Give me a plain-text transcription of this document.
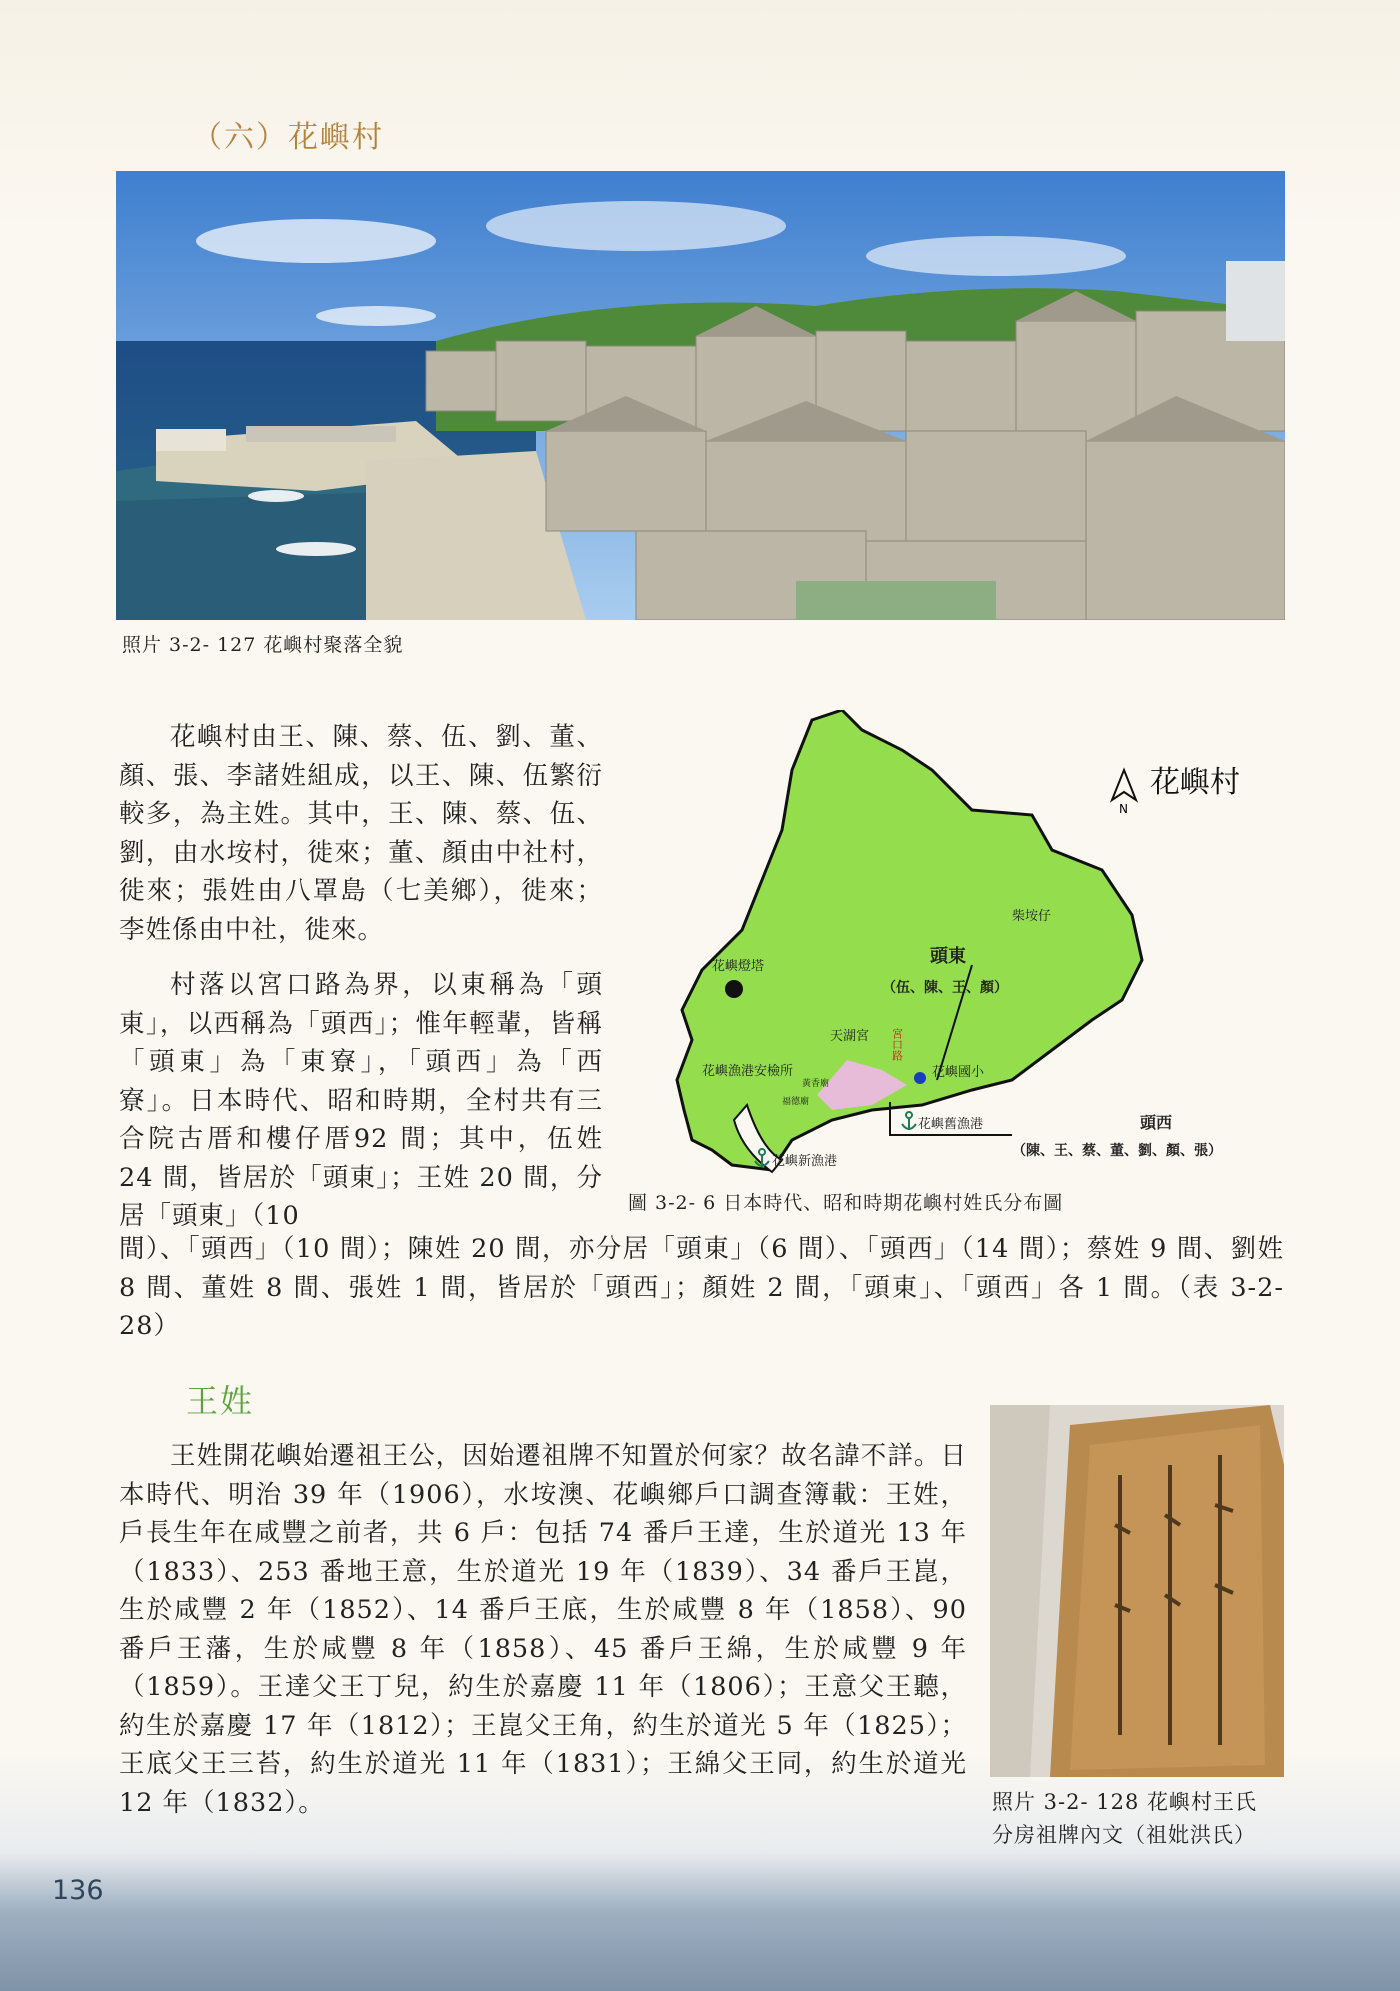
（六）花嶼村
照片 3-2- 127 花嶼村聚落全貌

花嶼村由王、陳、蔡、伍、劉、董、顏、張、李諸姓組成，以王、陳、伍繁衍較多，為主姓。其中，王、陳、蔡、伍、劉，由水垵村，徙來；董、顏由中社村，徙來；張姓由八罩島（七美鄉），徙來；李姓係由中社，徙來。

村落以宮口路為界，以東稱為「頭東」，以西稱為「頭西」；惟年輕輩，皆稱「頭東」為「東寮」，「頭西」為「西寮」。日本時代、昭和時期，全村共有三合院古厝和樓仔厝92 間；其中，伍姓 24 間，皆居於「頭東」；王姓 20 間，分居「頭東」（10

間）、「頭西」（10 間）；陳姓 20 間，亦分居「頭東」（6 間）、「頭西」（14 間）；蔡姓 9 間、劉姓 8 間、董姓 8 間、張姓 1 間，皆居於「頭西」；顏姓 2 間，「頭東」、「頭西」各 1 間。（表 3-2-28）

柴垵仔
頭東
（伍、陳、王、顏）
花嶼燈塔
天湖宮 宮口路
花嶼國小
花嶼漁港安檢所
福德廟
黃香廟
花嶼舊漁港
花嶼新漁港
頭西
（陳、王、蔡、董、劉、顏、張）
N
花嶼村
圖 3-2- 6 日本時代、昭和時期花嶼村姓氏分布圖
王姓

王姓開花嶼始遷祖王公，因始遷祖牌不知置於何家？故名諱不詳。日本時代、明治 39 年（1906），水垵澳、花嶼鄉戶口調查簿載：王姓，戶長生年在咸豐之前者，共 6 戶：包括 74 番戶王達，生於道光 13 年（1833）、253 番地王意，生於道光 19 年（1839）、34 番戶王崑，生於咸豐 2 年（1852）、14 番戶王底，生於咸豐 8 年（1858）、90 番戶王藩，生於咸豐 8 年（1858）、45 番戶王綿，生於咸豐 9 年（1859）。王達父王丁兒，約生於嘉慶 11 年（1806）；王意父王聽，約生於嘉慶 17 年（1812）；王崑父王角，約生於道光 5 年（1825）；王底父王三苔，約生於道光 11 年（1831）；王綿父王同，約生於道光 12 年（1832）。	照片 3-2- 128 花嶼村王氏
分房祖牌內文（祖妣洪氏）
136
